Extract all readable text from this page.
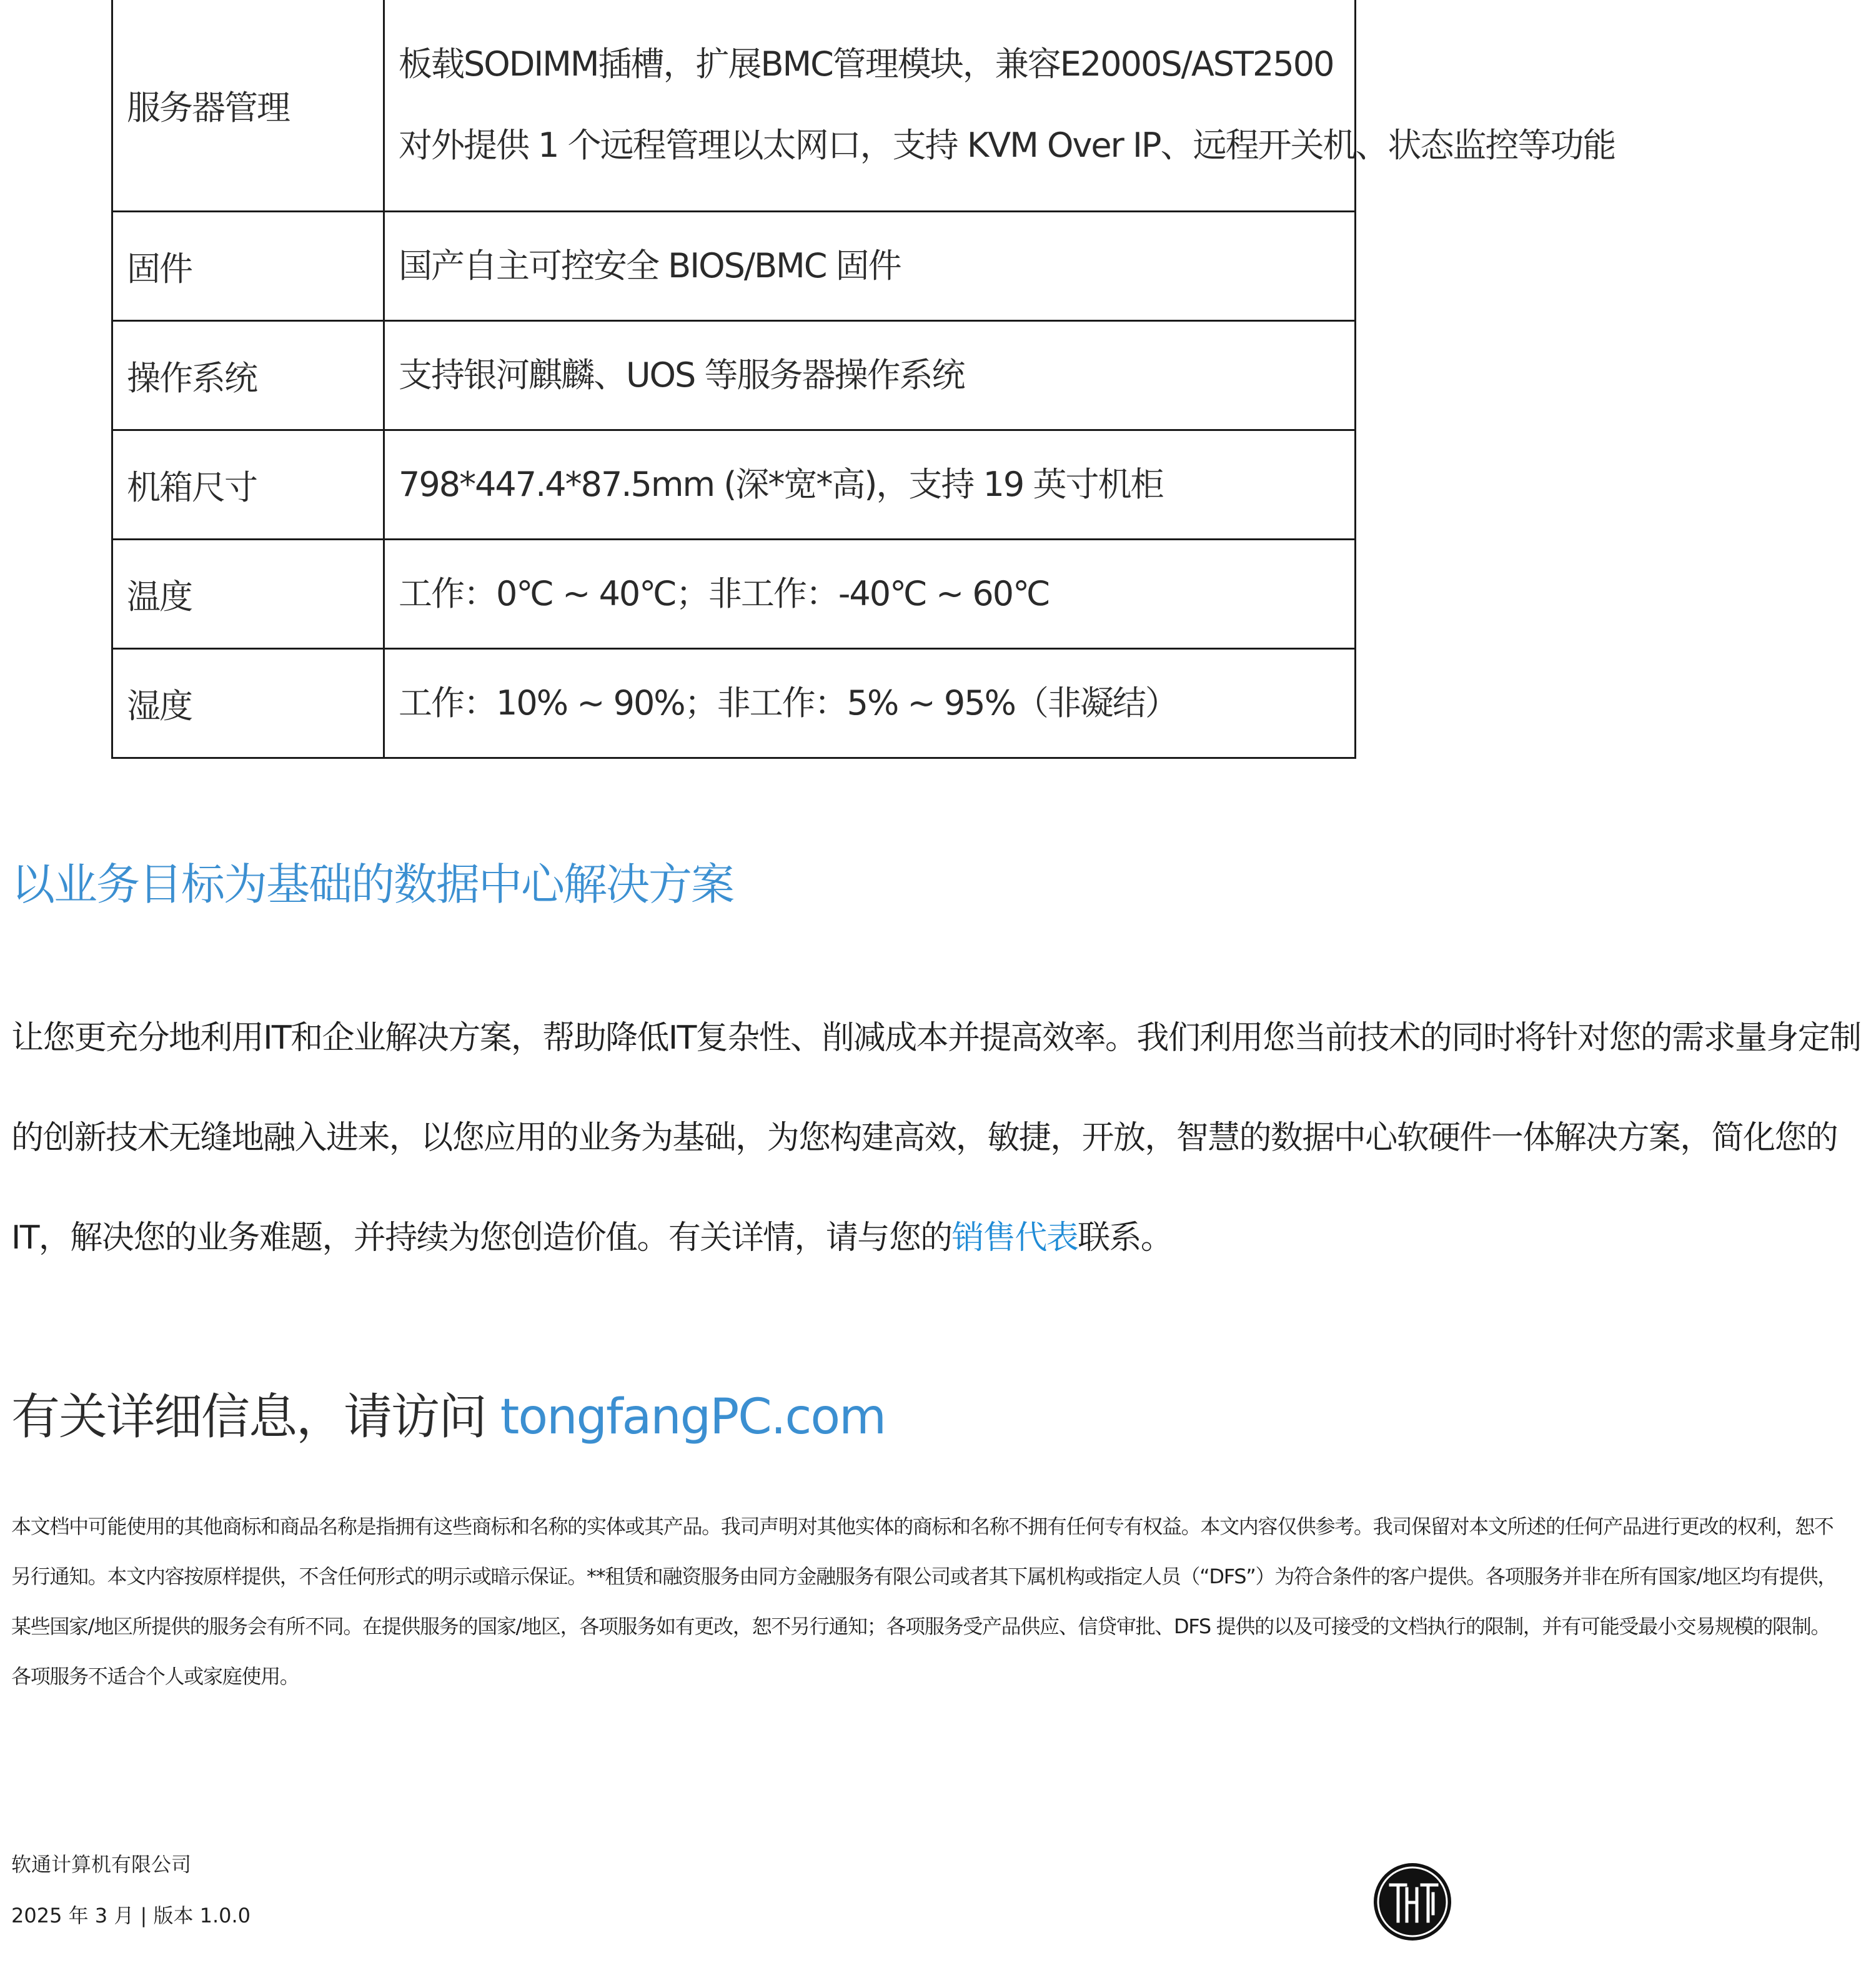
服务器管理	板载SODIMM插槽，扩展BMC管理模块，兼容E2000S/AST2500
对外提供 1 个远程管理以太网口，支持 KVM Over IP、远程开关机、状态监控等功能

固件	国产自主可控安全 BIOS/BMC 固件

操作系统	支持银河麒麟、UOS 等服务器操作系统

机箱尺寸	798*447.4*87.5mm (深*宽*高)，支持 19 英寸机柜

温度	工作：0℃ ~ 40℃；非工作：-40℃ ~ 60℃

湿度	工作：10% ~ 90%；非工作：5% ~ 95%（非凝结）
以业务目标为基础的数据中心解决方案
让您更充分地利用IT和企业解决方案，帮助降低IT复杂性、削减成本并提高效率。我们利用您当前技术的同时将针对您的需求量身定制
的创新技术无缝地融入进来，以您应用的业务为基础，为您构建高效，敏捷，开放，智慧的数据中心软硬件一体解决方案，简化您的
IT，解决您的业务难题，并持续为您创造价值。有关详情，请与您的销售代表联系。
有关详细信息，请访问 tongfangPC.com
本文档中可能使用的其他商标和商品名称是指拥有这些商标和名称的实体或其产品。我司声明对其他实体的商标和名称不拥有任何专有权益。本文内容仅供参考。我司保留对本文所述的任何产品进行更改的权利，恕不
另行通知。本文内容按原样提供，不含任何形式的明示或暗示保证。**租赁和融资服务由同方金融服务有限公司或者其下属机构或指定人员（“DFS”）为符合条件的客户提供。各项服务并非在所有国家/地区均有提供，
某些国家/地区所提供的服务会有所不同。在提供服务的国家/地区，各项服务如有更改，恕不另行通知；各项服务受产品供应、信贷审批、DFS 提供的以及可接受的文档执行的限制，并有可能受最小交易规模的限制。
各项服务不适合个人或家庭使用。
软通计算机有限公司
2025 年 3 月 | 版本 1.0.0
